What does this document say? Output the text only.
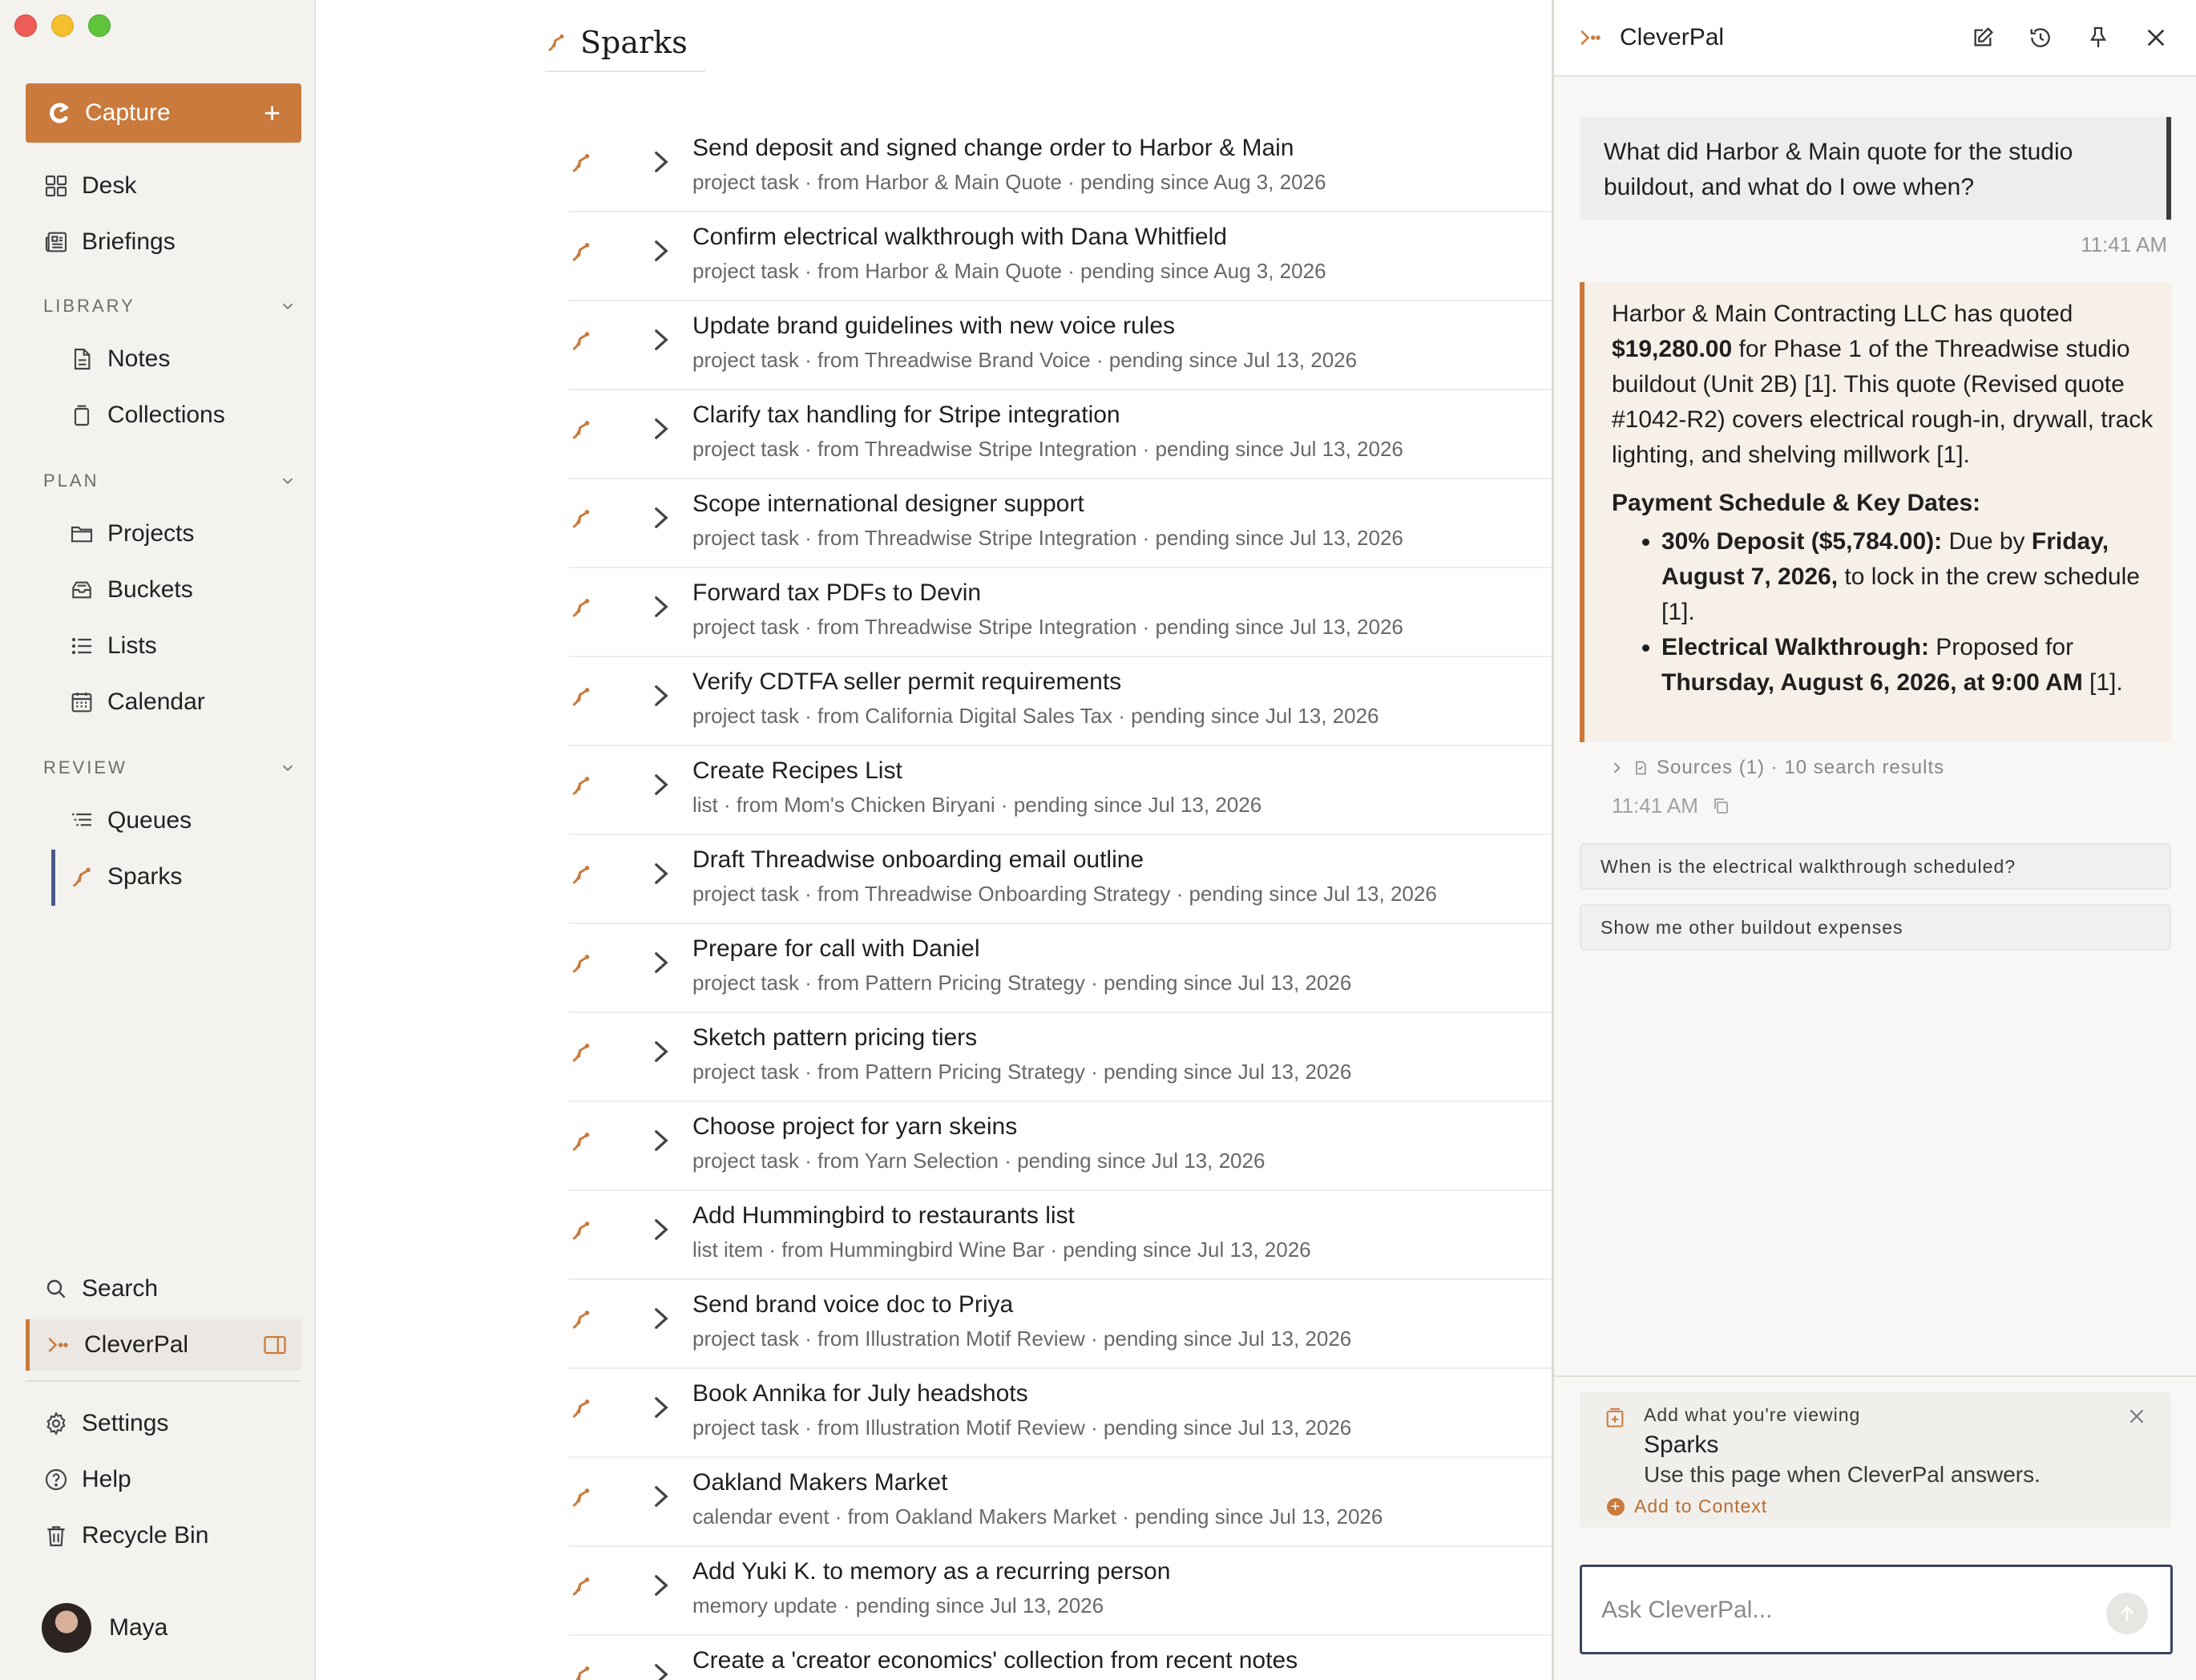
Capture	+
Desk
Briefings
LIBRARY
Notes
Collections
PLAN
Projects
Buckets
Lists
Calendar
REVIEW
Queues
Sparks
Search
CleverPal
Settings
Help
Recycle Bin
Maya
Sparks
Send deposit and signed change order to Harbor & Main
project task · from Harbor & Main Quote · pending since Aug 3, 2026
Confirm electrical walkthrough with Dana Whitfield
project task · from Harbor & Main Quote · pending since Aug 3, 2026
Update brand guidelines with new voice rules
project task · from Threadwise Brand Voice · pending since Jul 13, 2026
Clarify tax handling for Stripe integration
project task · from Threadwise Stripe Integration · pending since Jul 13, 2026
Scope international designer support
project task · from Threadwise Stripe Integration · pending since Jul 13, 2026
Forward tax PDFs to Devin
project task · from Threadwise Stripe Integration · pending since Jul 13, 2026
Verify CDTFA seller permit requirements
project task · from California Digital Sales Tax · pending since Jul 13, 2026
Create Recipes List
list · from Mom's Chicken Biryani · pending since Jul 13, 2026
Draft Threadwise onboarding email outline
project task · from Threadwise Onboarding Strategy · pending since Jul 13, 2026
Prepare for call with Daniel
project task · from Pattern Pricing Strategy · pending since Jul 13, 2026
Sketch pattern pricing tiers
project task · from Pattern Pricing Strategy · pending since Jul 13, 2026
Choose project for yarn skeins
project task · from Yarn Selection · pending since Jul 13, 2026
Add Hummingbird to restaurants list
list item · from Hummingbird Wine Bar · pending since Jul 13, 2026
Send brand voice doc to Priya
project task · from Illustration Motif Review · pending since Jul 13, 2026
Book Annika for July headshots
project task · from Illustration Motif Review · pending since Jul 13, 2026
Oakland Makers Market
calendar event · from Oakland Makers Market · pending since Jul 13, 2026
Add Yuki K. to memory as a recurring person
memory update · pending since Jul 13, 2026
Create a 'creator economics' collection from recent notes
CleverPal
What did Harbor & Main quote for the studio buildout, and what do I owe when?
11:41 AM

Harbor & Main Contracting LLC has quoted $19,280.00 for Phase 1 of the Threadwise studio buildout (Unit 2B) [1]. This quote (Revised quote #1042-R2) covers electrical rough-in, drywall, track lighting, and shelving millwork [1].

Payment Schedule & Key Dates:
• 30% Deposit ($5,784.00): Due by Friday, August 7, 2026, to lock in the crew schedule [1].
• Electrical Walkthrough: Proposed for Thursday, August 6, 2026, at 9:00 AM [1].
Sources (1) · 10 search results
11:41 AM
When is the electrical walkthrough scheduled?
Show me other buildout expenses
Add what you're viewing
Sparks
Use this page when CleverPal answers.
+ Add to Context
Ask CleverPal...
